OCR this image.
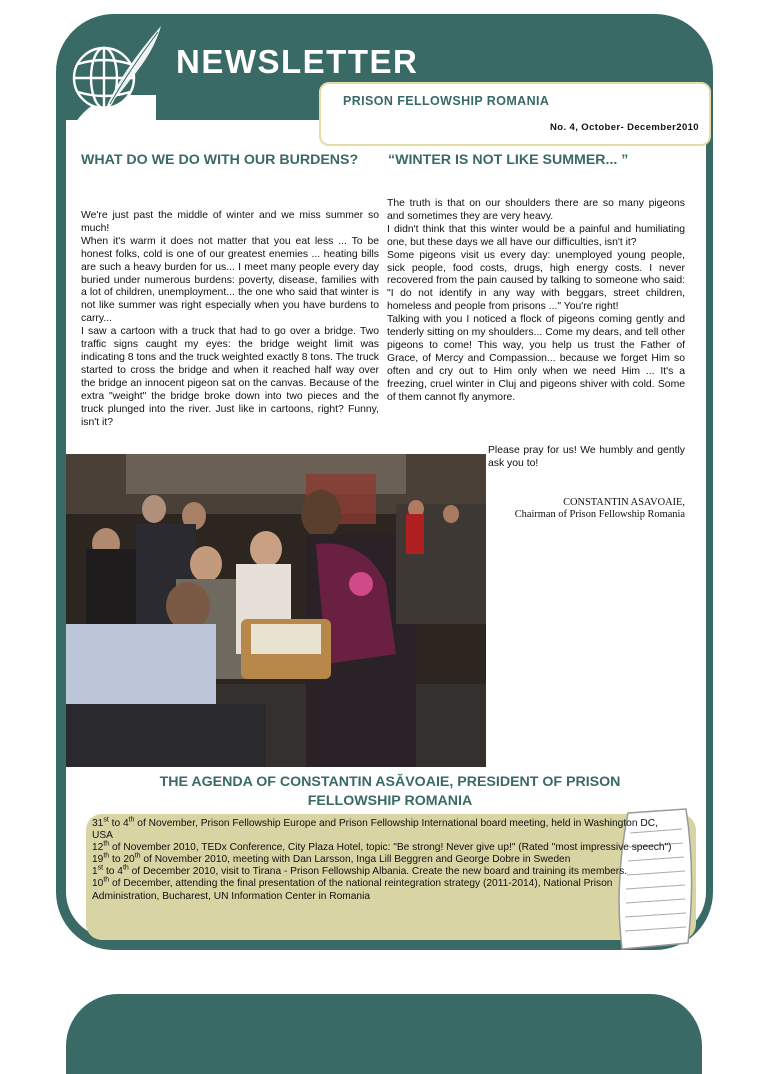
NEWSLETTER
PRISON FELLOWSHIP ROMANIA
No. 4, October- December2010
WHAT DO WE DO WITH OUR BURDENS? “WINTER IS NOT LIKE SUMMER... ”

We're just past the middle of winter and we miss summer so much!

When it's warm it does not matter that you eat less ... To be honest folks, cold is one of our greatest enemies ... heating bills are such a heavy burden for us... I meet many people every day buried under numerous burdens: poverty, disease, families with a lot of children, unemployment... the one who said that winter is not like summer was right especially when you have burdens to carry...

I saw a cartoon with a truck that had to go over a bridge. Two traffic signs caught my eyes: the bridge weight limit was indicating 8 tons and the truck weighted exactly 8 tons. The truck started to cross the bridge and when it reached half way over the bridge an innocent pigeon sat on the canvas. Because of the extra "weight" the bridge broke down into two pieces and the truck plunged into the river. Just like in cartoons, right? Funny, isn't it?

The truth is that on our shoulders there are so many pigeons and sometimes they are very heavy.

I didn't think that this winter would be a painful and humiliating one, but these days we all have our difficulties, isn't it?

Some pigeons visit us every day: unemployed young people, sick people, food costs, drugs, high energy costs. I never recovered from the pain caused by talking to someone who said: "I do not identify in any way with beggars, street children, homeless and people from prisons ..." You're right!

Talking with you I noticed a flock of pigeons coming gently and tenderly sitting on my shoulders... Come my dears, and tell other pigeons to come! This way, you help us trust the Father of Grace, of Mercy and Compassion... because we forget Him so often and cry out to Him only when we need Him ... It's a freezing, cruel winter in Cluj and pigeons shiver with cold. Some of them cannot fly anymore.

Please pray for us! We humbly and gently ask you to!
CONSTANTIN ASAVOAIE,
Chairman of Prison Fellowship Romania
THE AGENDA OF CONSTANTIN ASĂVOAIE, PRESIDENT OF PRISON FELLOWSHIP ROMANIA
31st to 4th of November, Prison Fellowship Europe and Prison Fellowship International board meeting, held in Washington DC, USA
12th of November 2010, TEDx Conference, City Plaza Hotel, topic: "Be strong! Never give up!" (Rated "most impressive speech")
19th to 20th of November 2010, meeting with Dan Larsson, Inga Lill Beggren and George Dobre in Sweden
1st to 4th of December 2010, visit to Tirana - Prison Fellowship Albania. Create the new board and training its members.
10th of December, attending the final presentation of the national reintegration strategy (2011-2014), National Prison Administration, Bucharest, UN Information Center in Romania
